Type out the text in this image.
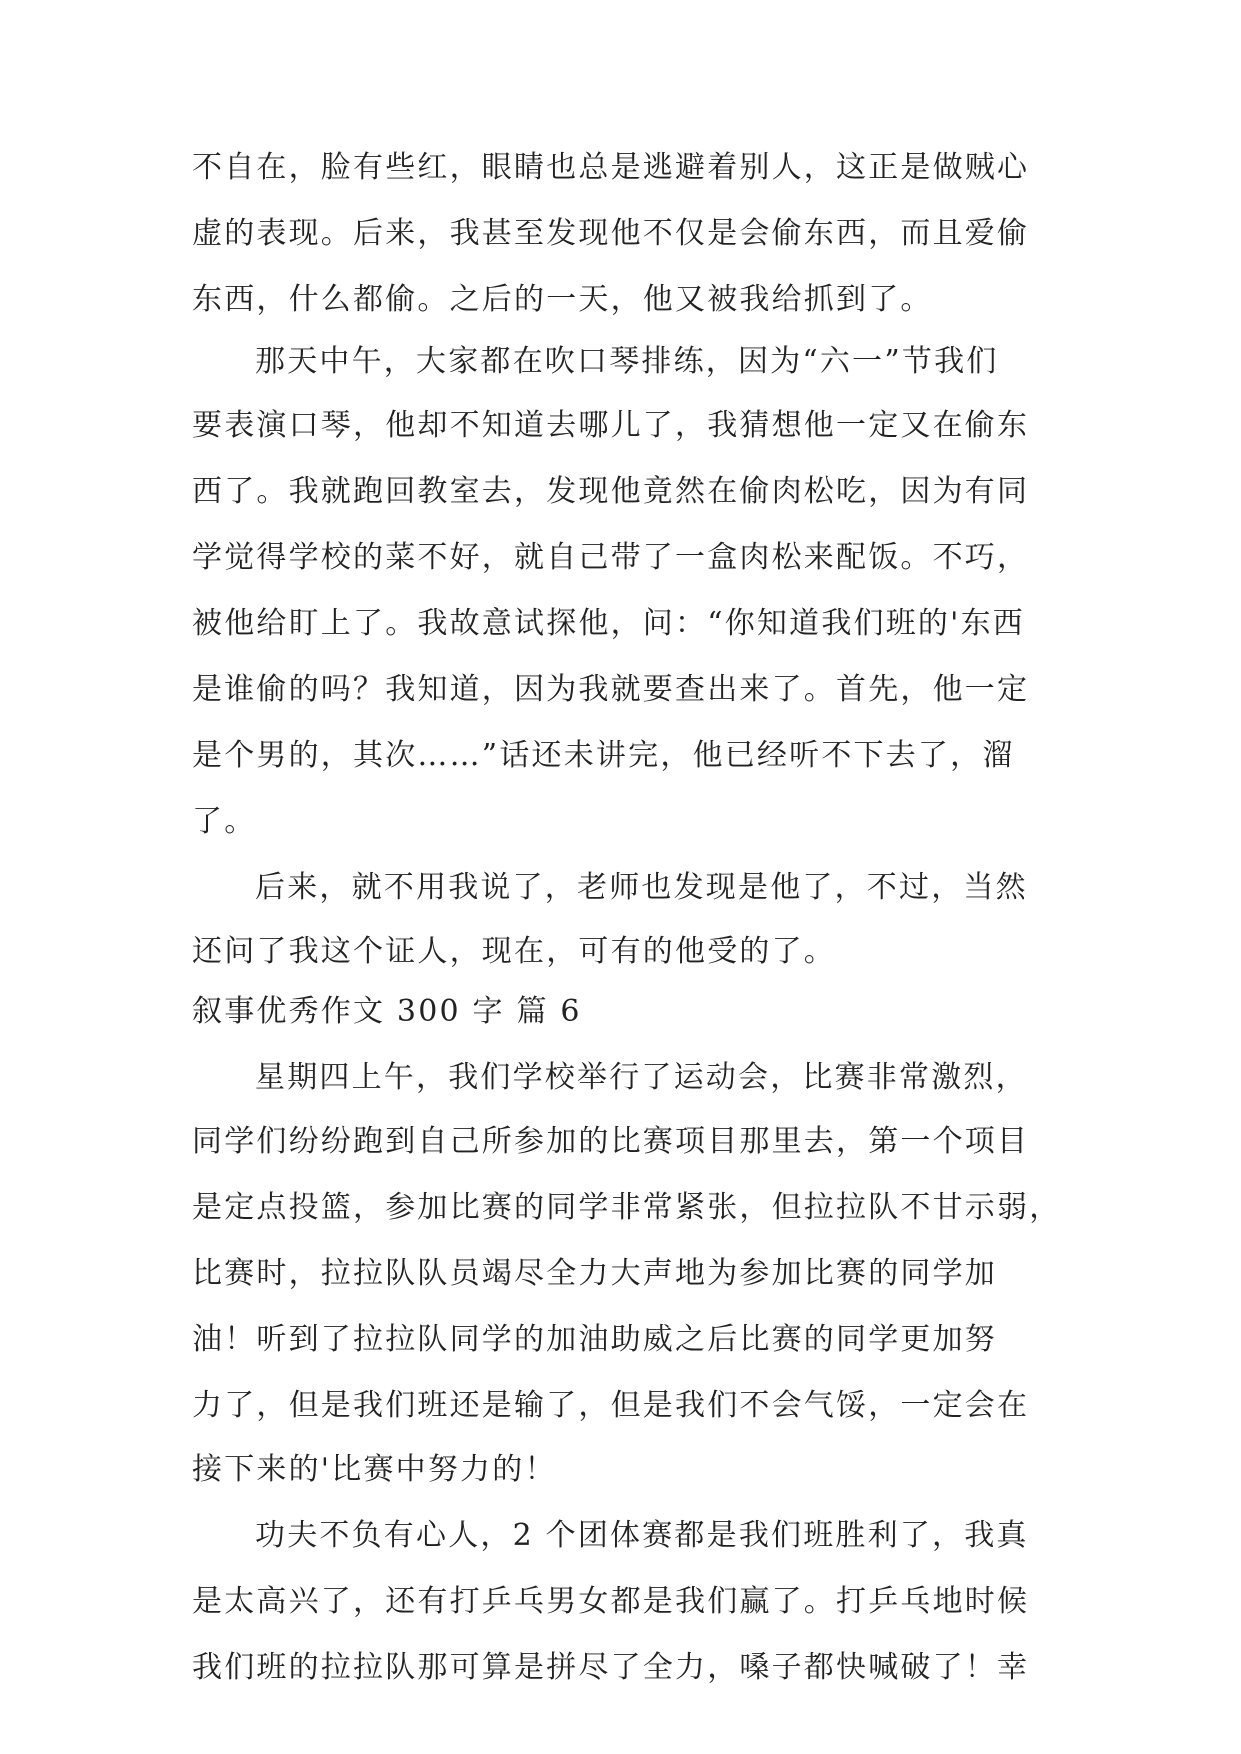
不自在，脸有些红，眼睛也总是逃避着别人，这正是做贼心
虚的表现。后来，我甚至发现他不仅是会偷东西，而且爱偷
东西，什么都偷。之后的一天，他又被我给抓到了。
那天中午，大家都在吹口琴排练，因为“六一”节我们
要表演口琴，他却不知道去哪儿了，我猜想他一定又在偷东
西了。我就跑回教室去，发现他竟然在偷肉松吃，因为有同
学觉得学校的菜不好，就自己带了一盒肉松来配饭。不巧，
被他给盯上了。我故意试探他，问：“你知道我们班的'东西
是谁偷的吗？我知道，因为我就要查出来了。首先，他一定
是个男的，其次……”话还未讲完，他已经听不下去了，溜
了。
后来，就不用我说了，老师也发现是他了，不过，当然
还问了我这个证人，现在，可有的他受的了。
叙事优秀作文 300 字 篇 6
星期四上午，我们学校举行了运动会，比赛非常激烈，
同学们纷纷跑到自己所参加的比赛项目那里去，第一个项目
是定点投篮，参加比赛的同学非常紧张，但拉拉队不甘示弱，
比赛时，拉拉队队员竭尽全力大声地为参加比赛的同学加
油！听到了拉拉队同学的加油助威之后比赛的同学更加努
力了，但是我们班还是输了，但是我们不会气馁，一定会在
接下来的'比赛中努力的！
功夫不负有心人，2 个团体赛都是我们班胜利了，我真
是太高兴了，还有打乒乓男女都是我们赢了。打乒乓地时候
我们班的拉拉队那可算是拼尽了全力，嗓子都快喊破了！幸
